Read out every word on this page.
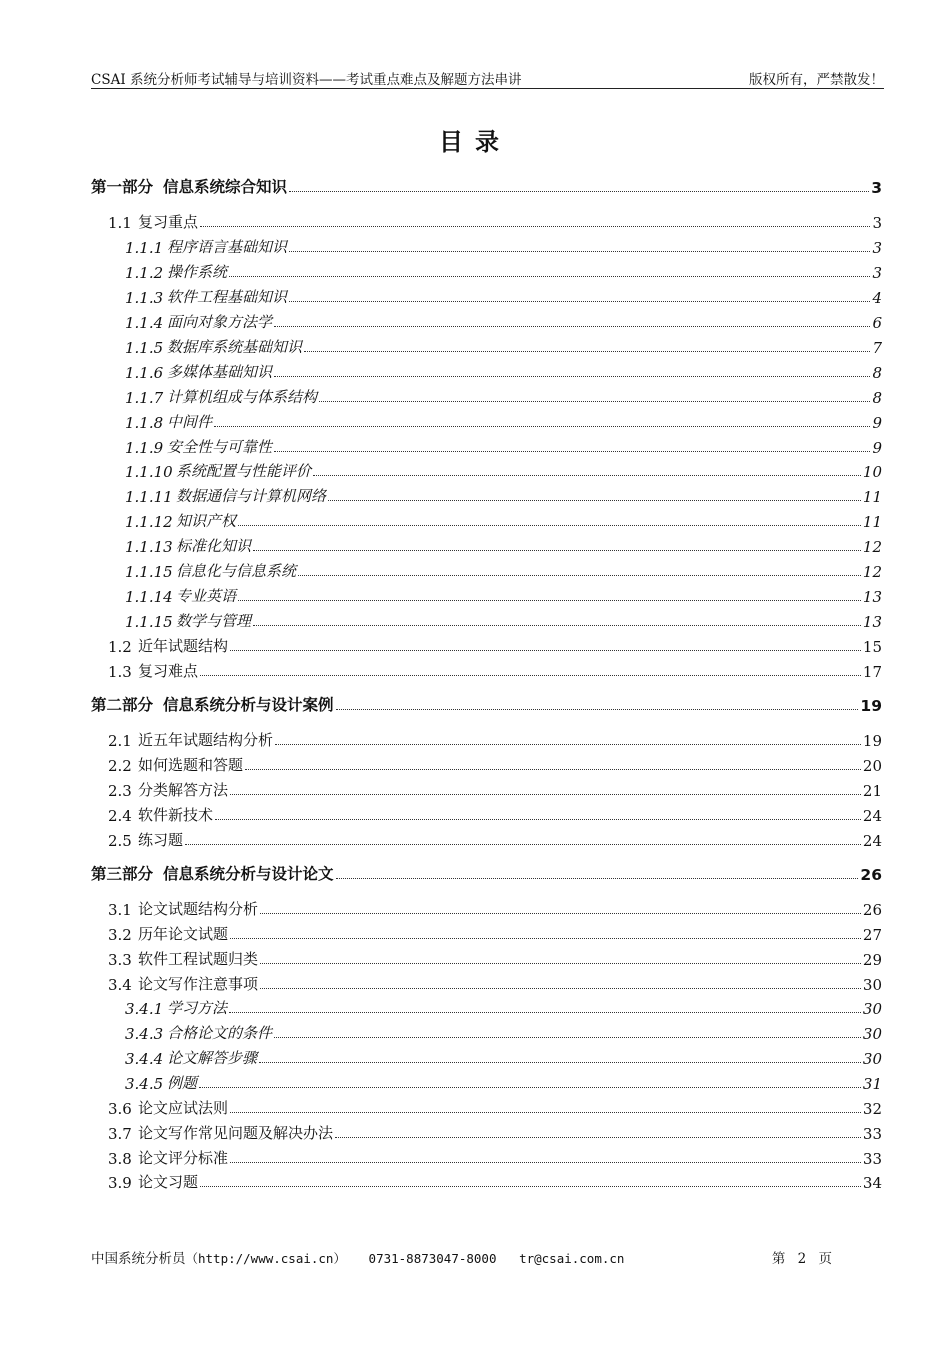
CSAI 系统分析师考试辅导与培训资料——考试重点难点及解题方法串讲	版权所有，严禁散发！
目录
第一部分 信息系统综合知识	3
1.1 复习重点	3
1.1.1 程序语言基础知识	3
1.1.2 操作系统	3
1.1.3 软件工程基础知识	4
1.1.4 面向对象方法学	6
1.1.5 数据库系统基础知识	7
1.1.6 多媒体基础知识	8
1.1.7 计算机组成与体系结构	8
1.1.8 中间件	9
1.1.9 安全性与可靠性	9
1.1.10 系统配置与性能评价	10
1.1.11 数据通信与计算机网络	11
1.1.12 知识产权	11
1.1.13 标准化知识	12
1.1.15 信息化与信息系统	12
1.1.14 专业英语	13
1.1.15 数学与管理	13
1.2 近年试题结构	15
1.3 复习难点	17
第二部分 信息系统分析与设计案例	19
2.1 近五年试题结构分析	19
2.2 如何选题和答题	20
2.3 分类解答方法	21
2.4 软件新技术	24
2.5 练习题	24
第三部分 信息系统分析与设计论文	26
3.1 论文试题结构分析	26
3.2 历年论文试题	27
3.3 软件工程试题归类	29
3.4 论文写作注意事项	30
3.4.1 学习方法	30
3.4.3 合格论文的条件	30
3.4.4 论文解答步骤	30
3.4.5 例题	31
3.6 论文应试法则	32
3.7 论文写作常见问题及解决办法	33
3.8 论文评分标准	33
3.9 论文习题	34
中国系统分析员（http://www.csai.cn） 0731-8873047-8000 tr@csai.com.cn	第 2 页
